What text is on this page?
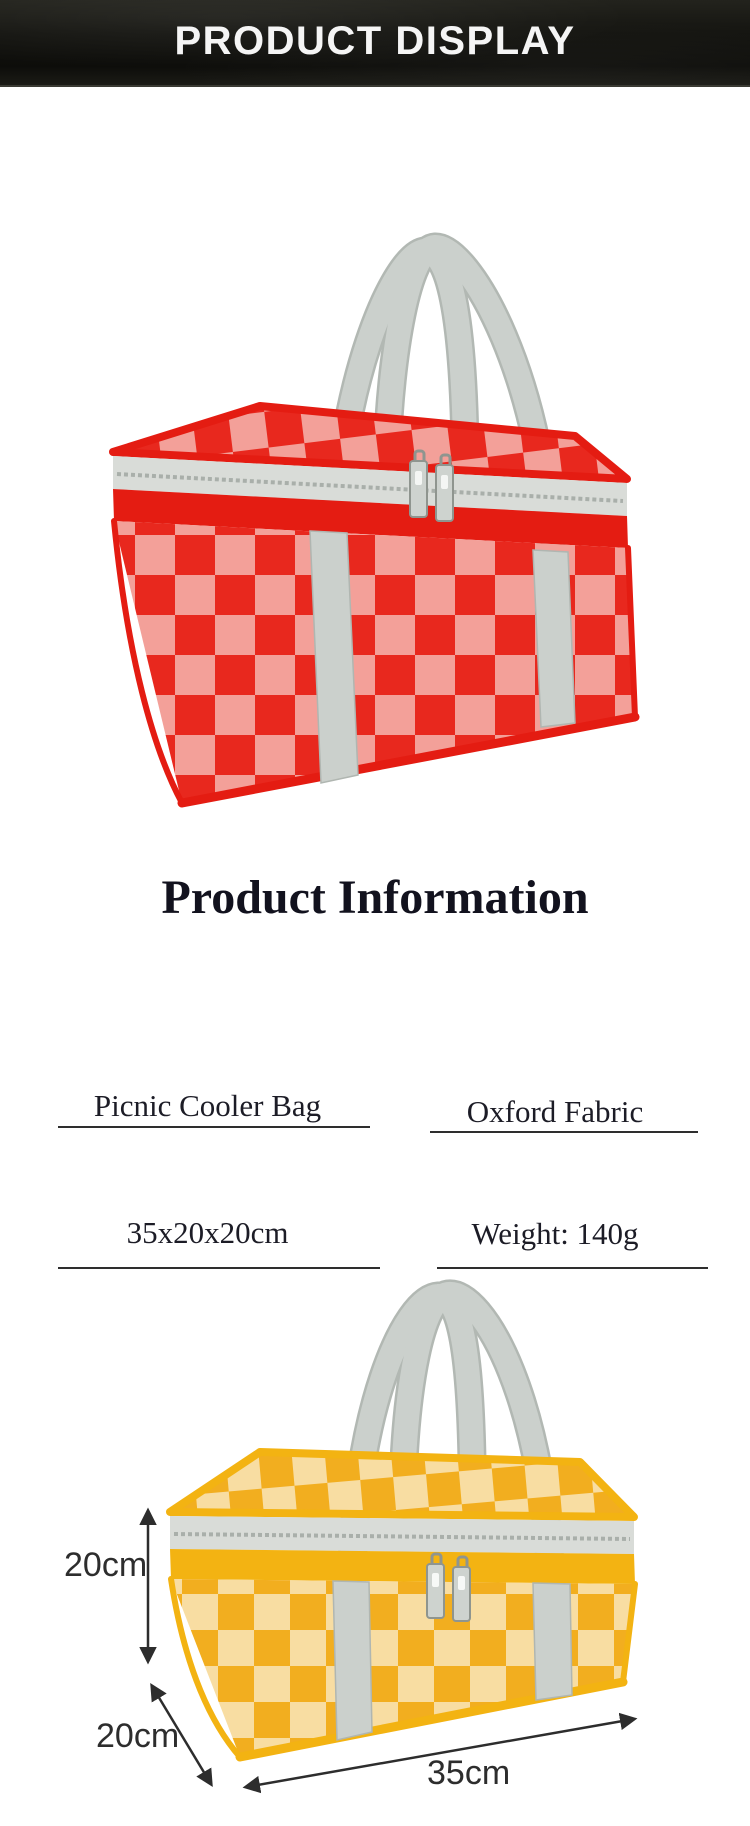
PRODUCT DISPLAY
Product Information
Picnic Cooler Bag	Oxford Fabric
35x20x20cm	Weight: 140g
20cm
20cm
35cm
